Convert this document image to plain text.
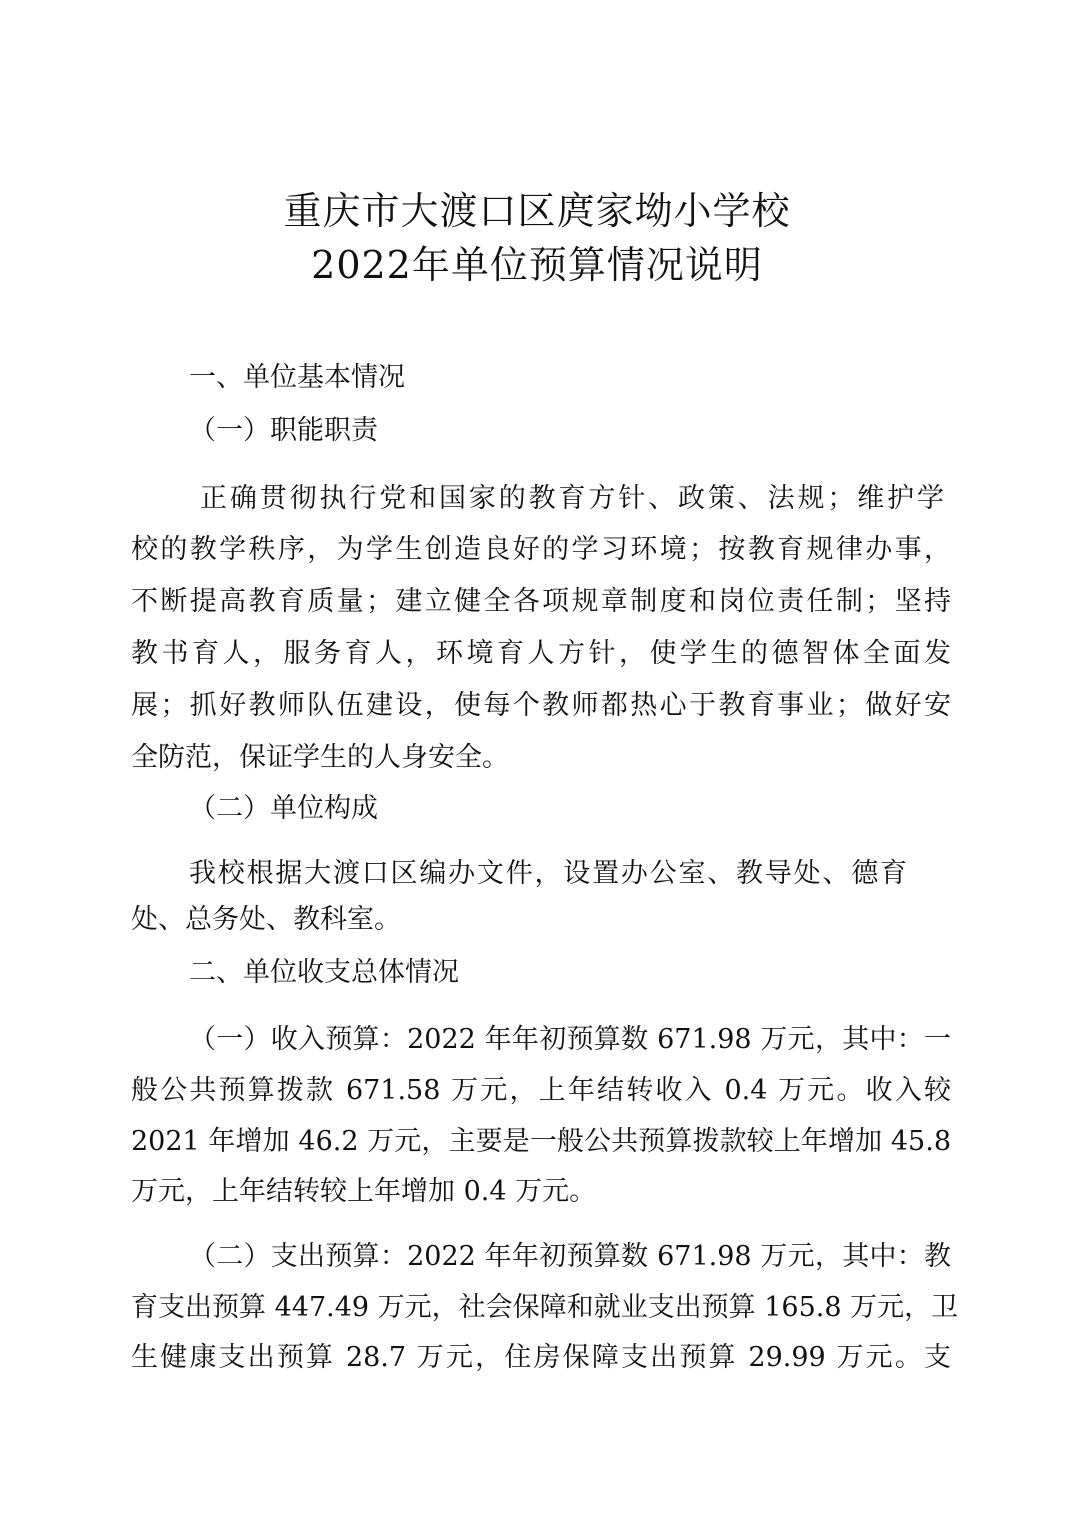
重庆市大渡口区庹家坳小学校
2022年单位预算情况说明
一、单位基本情况
（一）职能职责
正确贯彻执行党和国家的教育方针、政策、法规；维护学
校的教学秩序，为学生创造良好的学习环境；按教育规律办事，
不断提高教育质量；建立健全各项规章制度和岗位责任制；坚持
教书育人，服务育人，环境育人方针，使学生的德智体全面发
展；抓好教师队伍建设，使每个教师都热心于教育事业；做好安
全防范，保证学生的人身安全。
（二）单位构成
我校根据大渡口区编办文件，设置办公室、教导处、德育
处、总务处、教科室。
二、单位收支总体情况
（一）收入预算：2022 年年初预算数 671.98 万元，其中：一
般公共预算拨款 671.58 万元，上年结转收入 0.4 万元。收入较
2021 年增加 46.2 万元，主要是一般公共预算拨款较上年增加 45.8
万元，上年结转较上年增加 0.4 万元。
（二）支出预算：2022 年年初预算数 671.98 万元，其中：教
育支出预算 447.49 万元，社会保障和就业支出预算 165.8 万元，卫
生健康支出预算 28.7 万元，住房保障支出预算 29.99 万元。支
